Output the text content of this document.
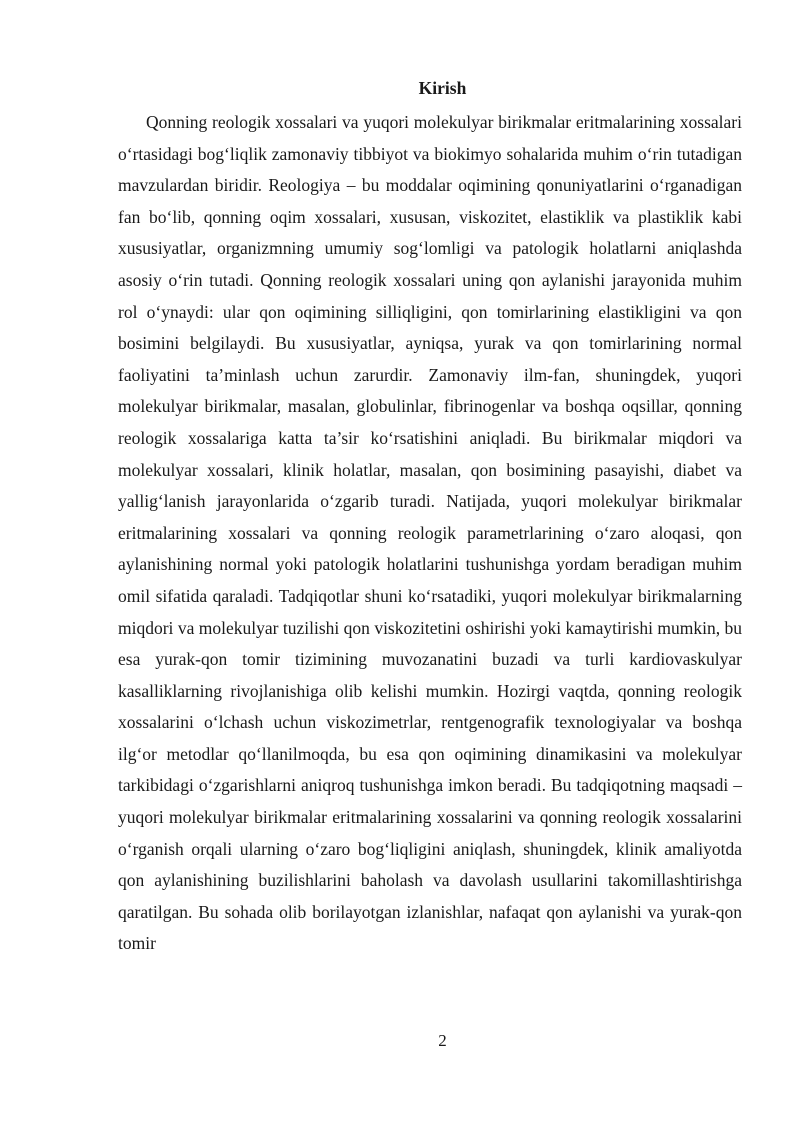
Kirish

Qonning reologik xossalari va yuqori molekulyar birikmalar eritmalarining xossalari o‘rtasidagi bog‘liqlik zamonaviy tibbiyot va biokimyo sohalarida muhim o‘rin tutadigan mavzulardan biridir. Reologiya – bu moddalar oqimining qonuniyatlarini o‘rganadigan fan bo‘lib, qonning oqim xossalari, xususan, viskozitet, elastiklik va plastiklik kabi xususiyatlar, organizmning umumiy sog‘lomligi va patologik holatlarni aniqlashda asosiy o‘rin tutadi. Qonning reologik xossalari uning qon aylanishi jarayonida muhim rol o‘ynaydi: ular qon oqimining silliqligini, qon tomirlarining elastikligini va qon bosimini belgilaydi. Bu xususiyatlar, ayniqsa, yurak va qon tomirlarining normal faoliyatini ta’minlash uchun zarurdir. Zamonaviy ilm-fan, shuningdek, yuqori molekulyar birikmalar, masalan, globulinlar, fibrinogenlar va boshqa oqsillar, qonning reologik xossalariga katta ta’sir ko‘rsatishini aniqladi. Bu birikmalar miqdori va molekulyar xossalari, klinik holatlar, masalan, qon bosimining pasayishi, diabet va yallig‘lanish jarayonlarida o‘zgarib turadi. Natijada, yuqori molekulyar birikmalar eritmalarining xossalari va qonning reologik parametrlarining o‘zaro aloqasi, qon aylanishining normal yoki patologik holatlarini tushunishga yordam beradigan muhim omil sifatida qaraladi. Tadqiqotlar shuni ko‘rsatadiki, yuqori molekulyar birikmalarning miqdori va molekulyar tuzilishi qon viskozitetini oshirishi yoki kamaytirishi mumkin, bu esa yurak-qon tomir tizimining muvozanatini buzadi va turli kardiovaskulyar kasalliklarning rivojlanishiga olib kelishi mumkin. Hozirgi vaqtda, qonning reologik xossalarini o‘lchash uchun viskozimetrlar, rentgenografik texnologiyalar va boshqa ilg‘or metodlar qo‘llanilmoqda, bu esa qon oqimining dinamikasini va molekulyar tarkibidagi o‘zgarishlarni aniqroq tushunishga imkon beradi. Bu tadqiqotning maqsadi – yuqori molekulyar birikmalar eritmalarining xossalarini va qonning reologik xossalarini o‘rganish orqali ularning o‘zaro bog‘liqligini aniqlash, shuningdek, klinik amaliyotda qon aylanishining buzilishlarini baholash va davolash usullarini takomillashtirishga qaratilgan. Bu sohada olib borilayotgan izlanishlar, nafaqat qon aylanishi va yurak-qon tomir

2
